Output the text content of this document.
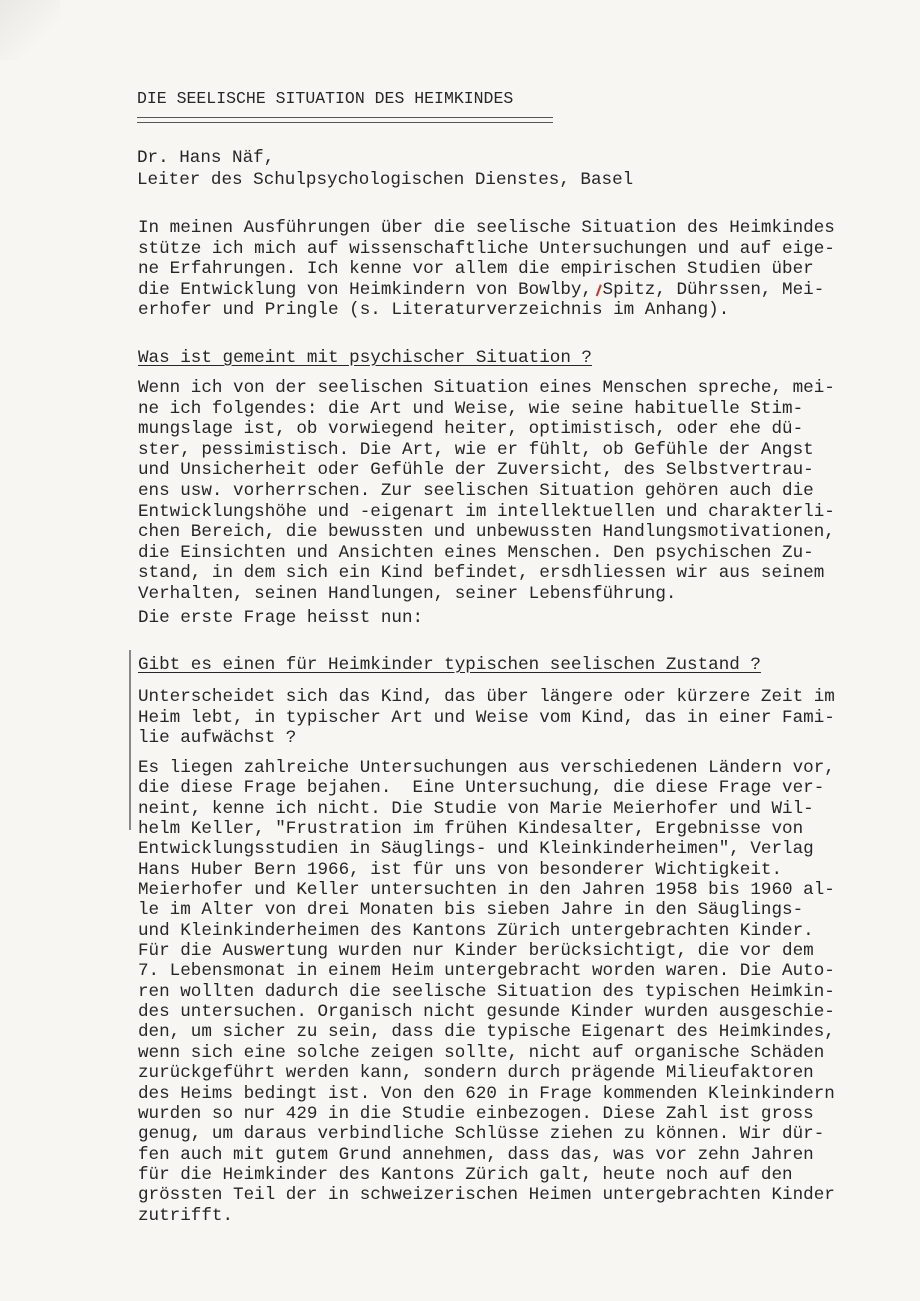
DIE SEELISCHE SITUATION DES HEIMKINDES
Dr. Hans Näf,
Leiter des Schulpsychologischen Dienstes, Basel
In meinen Ausführungen über die seelische Situation des Heimkindes
stütze ich mich auf wissenschaftliche Untersuchungen und auf eige-
ne Erfahrungen. Ich kenne vor allem die empirischen Studien über
die Entwicklung von Heimkindern von Bowlby, Spitz, Dührssen, Mei-
erhofer und Pringle (s. Literaturverzeichnis im Anhang).
Was ist gemeint mit psychischer Situation ?
Wenn ich von der seelischen Situation eines Menschen spreche, mei-
ne ich folgendes: die Art und Weise, wie seine habituelle Stim-
mungslage ist, ob vorwiegend heiter, optimistisch, oder ehe dü-
ster, pessimistisch. Die Art, wie er fühlt, ob Gefühle der Angst
und Unsicherheit oder Gefühle der Zuversicht, des Selbstvertrau-
ens usw. vorherrschen. Zur seelischen Situation gehören auch die
Entwicklungshöhe und -eigenart im intellektuellen und charakterli-
chen Bereich, die bewussten und unbewussten Handlungsmotivationen,
die Einsichten und Ansichten eines Menschen. Den psychischen Zu-
stand, in dem sich ein Kind befindet, ersdhliessen wir aus seinem
Verhalten, seinen Handlungen, seiner Lebensführung.
Die erste Frage heisst nun:
Gibt es einen für Heimkinder typischen seelischen Zustand ?
Unterscheidet sich das Kind, das über längere oder kürzere Zeit im
Heim lebt, in typischer Art und Weise vom Kind, das in einer Fami-
lie aufwächst ?
Es liegen zahlreiche Untersuchungen aus verschiedenen Ländern vor,
die diese Frage bejahen.  Eine Untersuchung, die diese Frage ver-
neint, kenne ich nicht. Die Studie von Marie Meierhofer und Wil-
helm Keller, "Frustration im frühen Kindesalter, Ergebnisse von
Entwicklungsstudien in Säuglings- und Kleinkinderheimen", Verlag
Hans Huber Bern 1966, ist für uns von besonderer Wichtigkeit.
Meierhofer und Keller untersuchten in den Jahren 1958 bis 1960 al-
le im Alter von drei Monaten bis sieben Jahre in den Säuglings-
und Kleinkinderheimen des Kantons Zürich untergebrachten Kinder.
Für die Auswertung wurden nur Kinder berücksichtigt, die vor dem
7. Lebensmonat in einem Heim untergebracht worden waren. Die Auto-
ren wollten dadurch die seelische Situation des typischen Heimkin-
des untersuchen. Organisch nicht gesunde Kinder wurden ausgeschie-
den, um sicher zu sein, dass die typische Eigenart des Heimkindes,
wenn sich eine solche zeigen sollte, nicht auf organische Schäden
zurückgeführt werden kann, sondern durch prägende Milieufaktoren
des Heims bedingt ist. Von den 620 in Frage kommenden Kleinkindern
wurden so nur 429 in die Studie einbezogen. Diese Zahl ist gross
genug, um daraus verbindliche Schlüsse ziehen zu können. Wir dür-
fen auch mit gutem Grund annehmen, dass das, was vor zehn Jahren
für die Heimkinder des Kantons Zürich galt, heute noch auf den
grössten Teil der in schweizerischen Heimen untergebrachten Kinder
zutrifft.
